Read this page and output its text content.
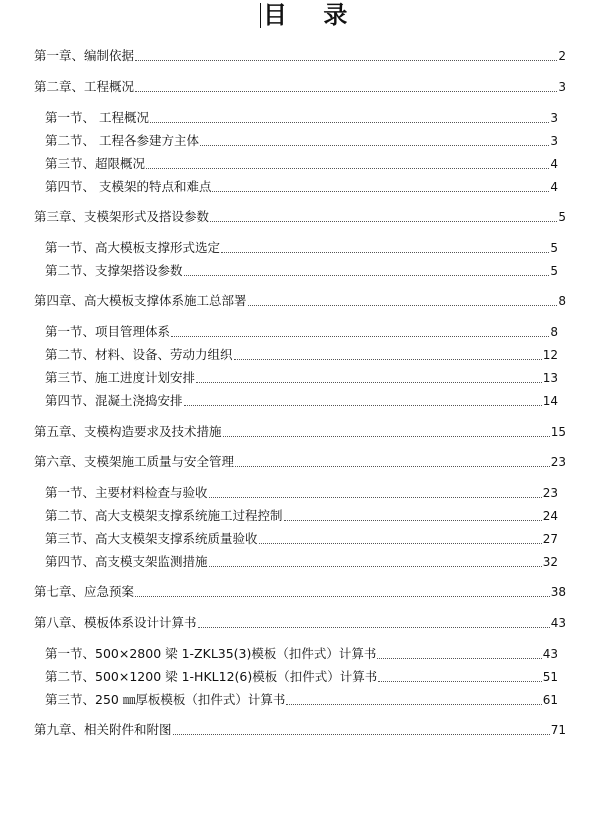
目 录
第一章、编制依据	2
第二章、工程概况	3
第一节、 工程概况	3
第二节、 工程各参建方主体	3
第三节、超限概况	4
第四节、 支模架的特点和难点	4
第三章、支模架形式及搭设参数	5
第一节、高大模板支撑形式选定	5
第二节、支撑架搭设参数	5
第四章、高大模板支撑体系施工总部署	8
第一节、项目管理体系	8
第二节、材料、设备、劳动力组织	12
第三节、施工进度计划安排	13
第四节、混凝土浇捣安排	14
第五章、支模构造要求及技术措施	15
第六章、支模架施工质量与安全管理	23
第一节、主要材料检查与验收	23
第二节、高大支模架支撑系统施工过程控制	24
第三节、高大支模架支撑系统质量验收	27
第四节、高支模支架监测措施	32
第七章、应急预案	38
第八章、模板体系设计计算书	43
第一节、500×2800 梁 1-ZKL35(3)模板（扣件式）计算书	43
第二节、500×1200 梁 1-HKL12(6)模板（扣件式）计算书	51
第三节、250 ㎜厚板模板（扣件式）计算书	61
第九章、相关附件和附图	71
